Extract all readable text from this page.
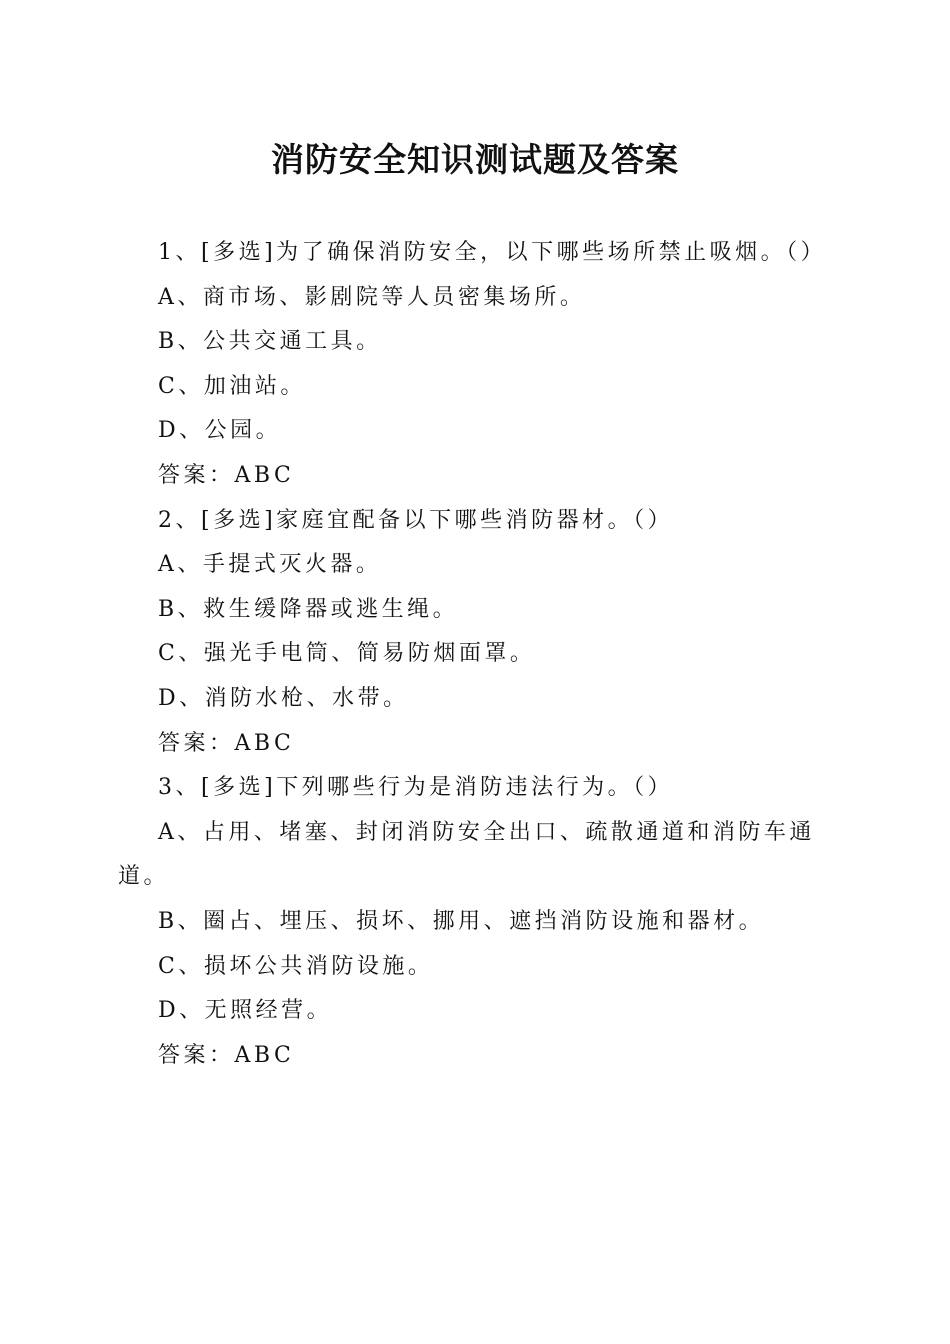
消防安全知识测试题及答案

1、[多选]为了确保消防安全，以下哪些场所禁止吸烟。（）

A、商市场、影剧院等人员密集场所。

B、公共交通工具。

C、加油站。

D、公园。

答案：ABC

2、[多选]家庭宜配备以下哪些消防器材。（）

A、手提式灭火器。

B、救生缓降器或逃生绳。

C、强光手电筒、简易防烟面罩。

D、消防水枪、水带。

答案：ABC

3、[多选]下列哪些行为是消防违法行为。（）

A、占用、堵塞、封闭消防安全出口、疏散通道和消防车通道。

B、圈占、埋压、损坏、挪用、遮挡消防设施和器材。

C、损坏公共消防设施。

D、无照经营。

答案：ABC
